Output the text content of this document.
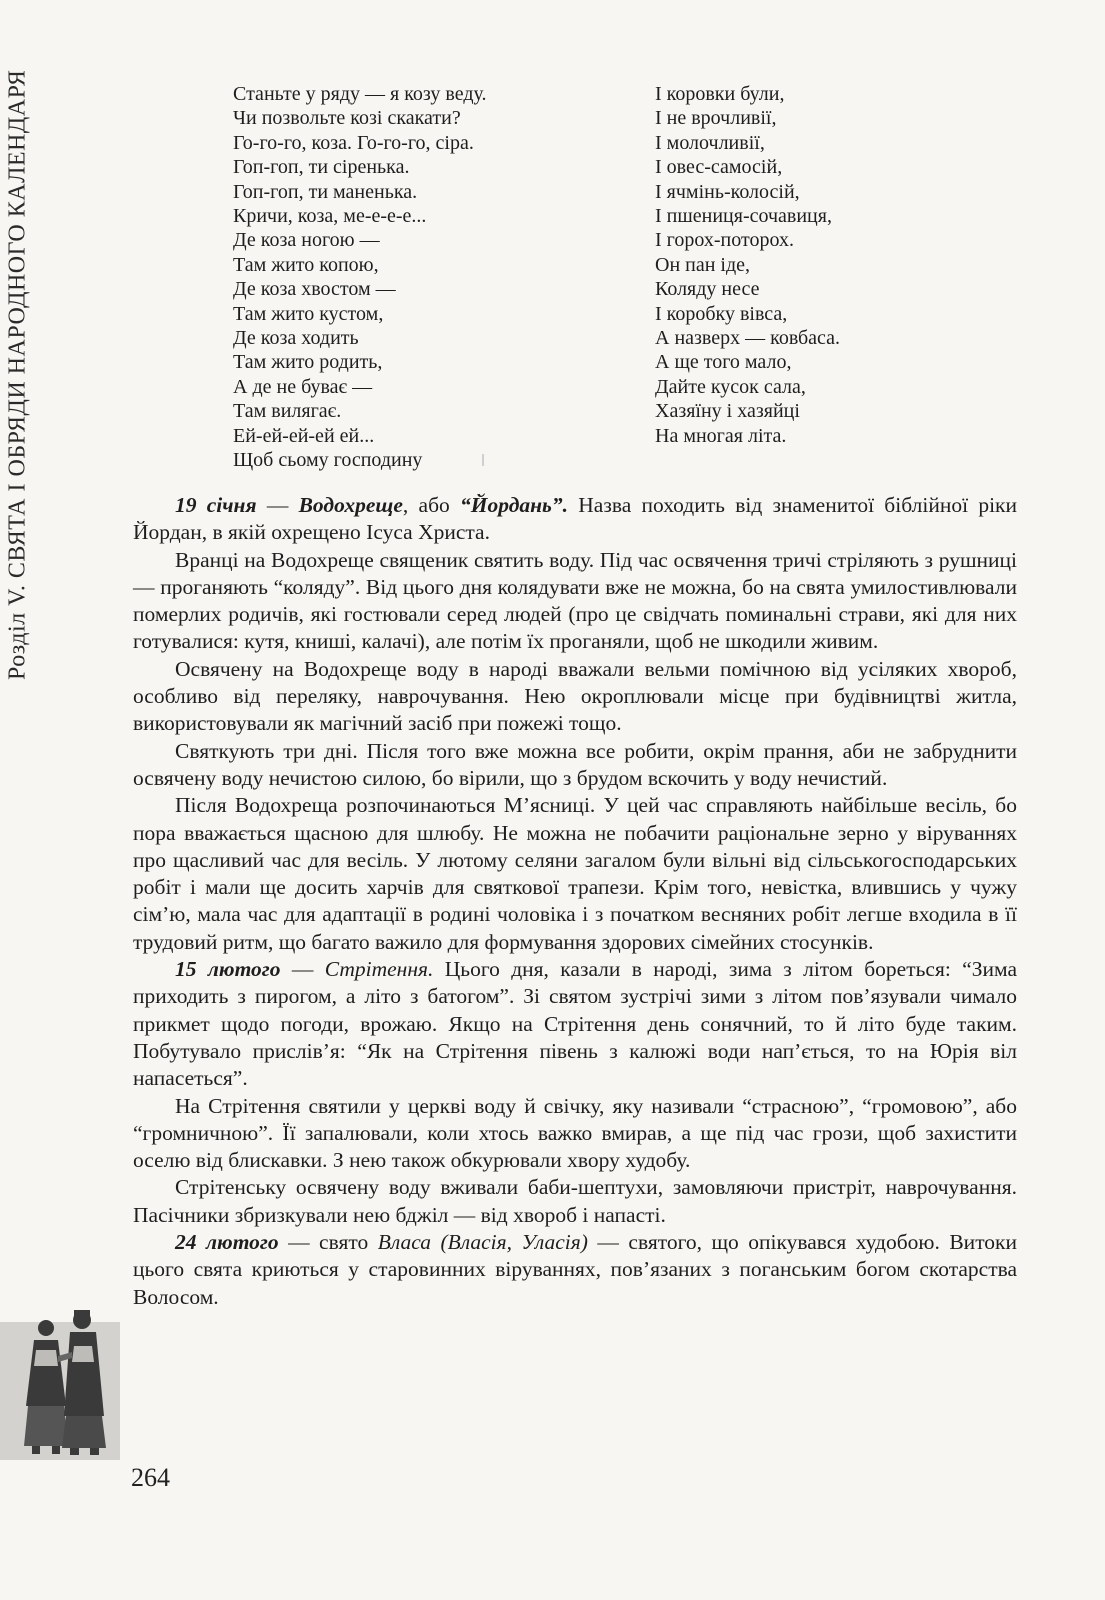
Станьте у ряду — я козу веду.
Чи позвольте козі скакати?
Го-го-го, коза. Го-го-го, сіра.
Гоп-гоп, ти сіренька.
Гоп-гоп, ти маненька.
Кричи, коза, ме-е-е-е...
Де коза ногою —
Там жито копою,
Де коза хвостом —
Там жито кустом,
Де коза ходить
Там жито родить,
А де не буває —
Там вилягає.
Ей-ей-ей-ей ей...
Щоб сьому господину
І коровки були,
І не врочливії,
І молочливії,
І овес-самосій,
І ячмінь-колосій,
І пшениця-сочавиця,
І горох-поторох.
Он пан іде,
Коляду несе
І коробку вівса,
А назверх — ковбаса.
А ще того мало,
Дайте кусок сала,
Хазяїну і хазяйці
На многая літа.

19 січня — Водохреще, або “Йордань”. Назва походить від знаменитої біблійної ріки Йордан, в якій охрещено Ісуса Христа.

Вранці на Водохреще священик святить воду. Під час освячення тричі стріляють з рушниці — проганяють “коляду”. Від цього дня колядувати вже не можна, бо на свята умилостивлювали померлих родичів, які гостювали серед людей (про це свідчать поминальні страви, які для них готувалися: кутя, книші, калачі), але потім їх проганяли, щоб не шкодили живим.

Освячену на Водохреще воду в народі вважали вельми помічною від усіляких хвороб, особливо від переляку, наврочування. Нею окроплювали місце при будівництві житла, використовували як магічний засіб при пожежі тощо.

Святкують три дні. Після того вже можна все робити, окрім прання, аби не забруднити освячену воду нечистою силою, бо вірили, що з брудом вскочить у воду нечистий.

Після Водохреща розпочинаються М’ясниці. У цей час справляють найбільше весіль, бо пора вважається щасною для шлюбу. Не можна не побачити раціональне зерно у віруваннях про щасливий час для весіль. У лютому селяни загалом були вільні від сільськогосподарських робіт і мали ще досить харчів для святкової трапези. Крім того, невістка, влившись у чужу сім’ю, мала час для адаптації в родині чоловіка і з початком весняних робіт легше входила в її трудовий ритм, що багато важило для формування здорових сімейних стосунків.

15 лютого — Стрітення. Цього дня, казали в народі, зима з літом бореться: “Зима приходить з пирогом, а літо з батогом”. Зі святом зустрічі зими з літом пов’язували чимало прикмет щодо погоди, врожаю. Якщо на Стрітення день сонячний, то й літо буде таким. Побутувало прислів’я: “Як на Стрітення півень з калюжі води нап’ється, то на Юрія віл напасеться”.

На Стрітення святили у церкві воду й свічку, яку називали “страсною”, “громовою”, або “громничною”. Її запалювали, коли хтось важко вмирав, а ще під час грози, щоб захистити оселю від блискавки. З нею також обкурювали хвору худобу.

Стрітенську освячену воду вживали баби-шептухи, замовляючи пристріт, наврочування. Пасічники збризкували нею бджіл — від хвороб і напасті.

24 лютого — свято Власа (Власія, Уласія) — святого, що опікувався худобою. Витоки цього свята криються у старовинних віруваннях, пов’язаних з поганським богом скотарства Волосом.

Розділ V. СВЯТА І ОБРЯДИ НАРОДНОГО КАЛЕНДАРЯ
264
